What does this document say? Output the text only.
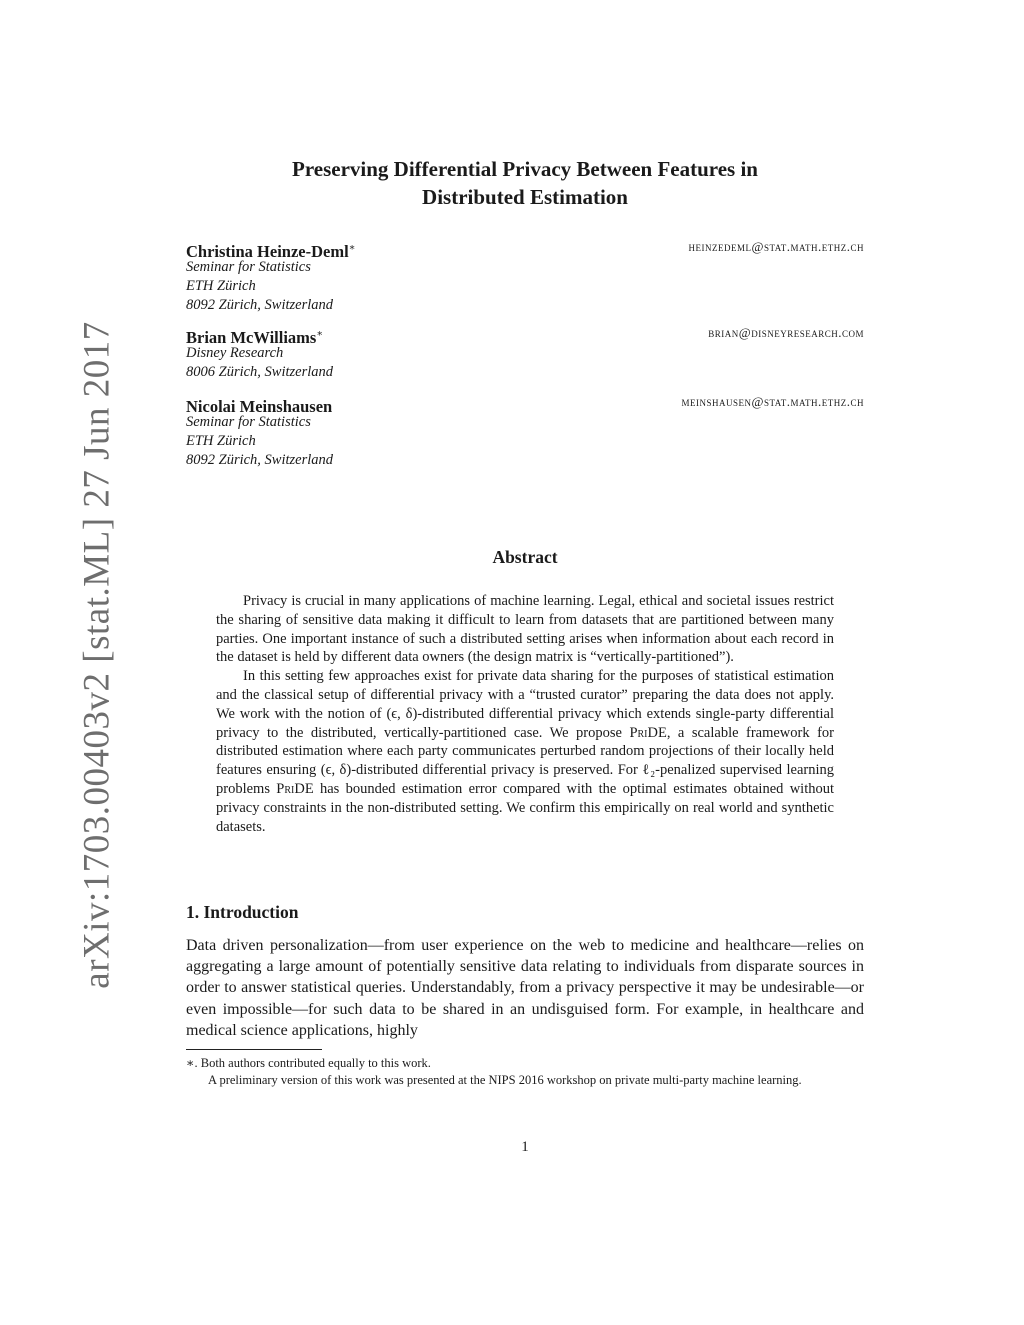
arXiv:1703.00403v2 [stat.ML] 27 Jun 2017
Preserving Differential Privacy Between Features in
Distributed Estimation
Christina Heinze-Deml∗	heinzedeml@stat.math.ethz.ch
Seminar for Statistics
ETH Zürich
8092 Zürich, Switzerland
Brian McWilliams∗	brian@disneyresearch.com
Disney Research
8006 Zürich, Switzerland
Nicolai Meinshausen	meinshausen@stat.math.ethz.ch
Seminar for Statistics
ETH Zürich
8092 Zürich, Switzerland
Abstract

Privacy is crucial in many applications of machine learning. Legal, ethical and societal issues restrict the sharing of sensitive data making it difficult to learn from datasets that are partitioned between many parties. One important instance of such a distributed setting arises when information about each record in the dataset is held by different data owners (the design matrix is “vertically-partitioned”).

In this setting few approaches exist for private data sharing for the purposes of statistical estimation and the classical setup of differential privacy with a “trusted curator” preparing the data does not apply. We work with the notion of (ϵ, δ)-distributed differential privacy which extends single-party differential privacy to the distributed, vertically-partitioned case. We propose PriDE, a scalable framework for distributed estimation where each party communicates perturbed random projections of their locally held features ensuring (ϵ, δ)-distributed differential privacy is preserved. For ℓ₂-penalized supervised learning problems PriDE has bounded estimation error compared with the optimal estimates obtained without privacy constraints in the non-distributed setting. We confirm this empirically on real world and synthetic datasets.

1. Introduction

Data driven personalization—from user experience on the web to medicine and healthcare—relies on aggregating a large amount of potentially sensitive data relating to individuals from disparate sources in order to answer statistical queries. Understandably, from a privacy perspective it may be undesirable—or even impossible—for such data to be shared in an undisguised form. For example, in healthcare and medical science applications, highly

∗. Both authors contributed equally to this work.

A preliminary version of this work was presented at the NIPS 2016 workshop on private multi-party machine learning.

1
